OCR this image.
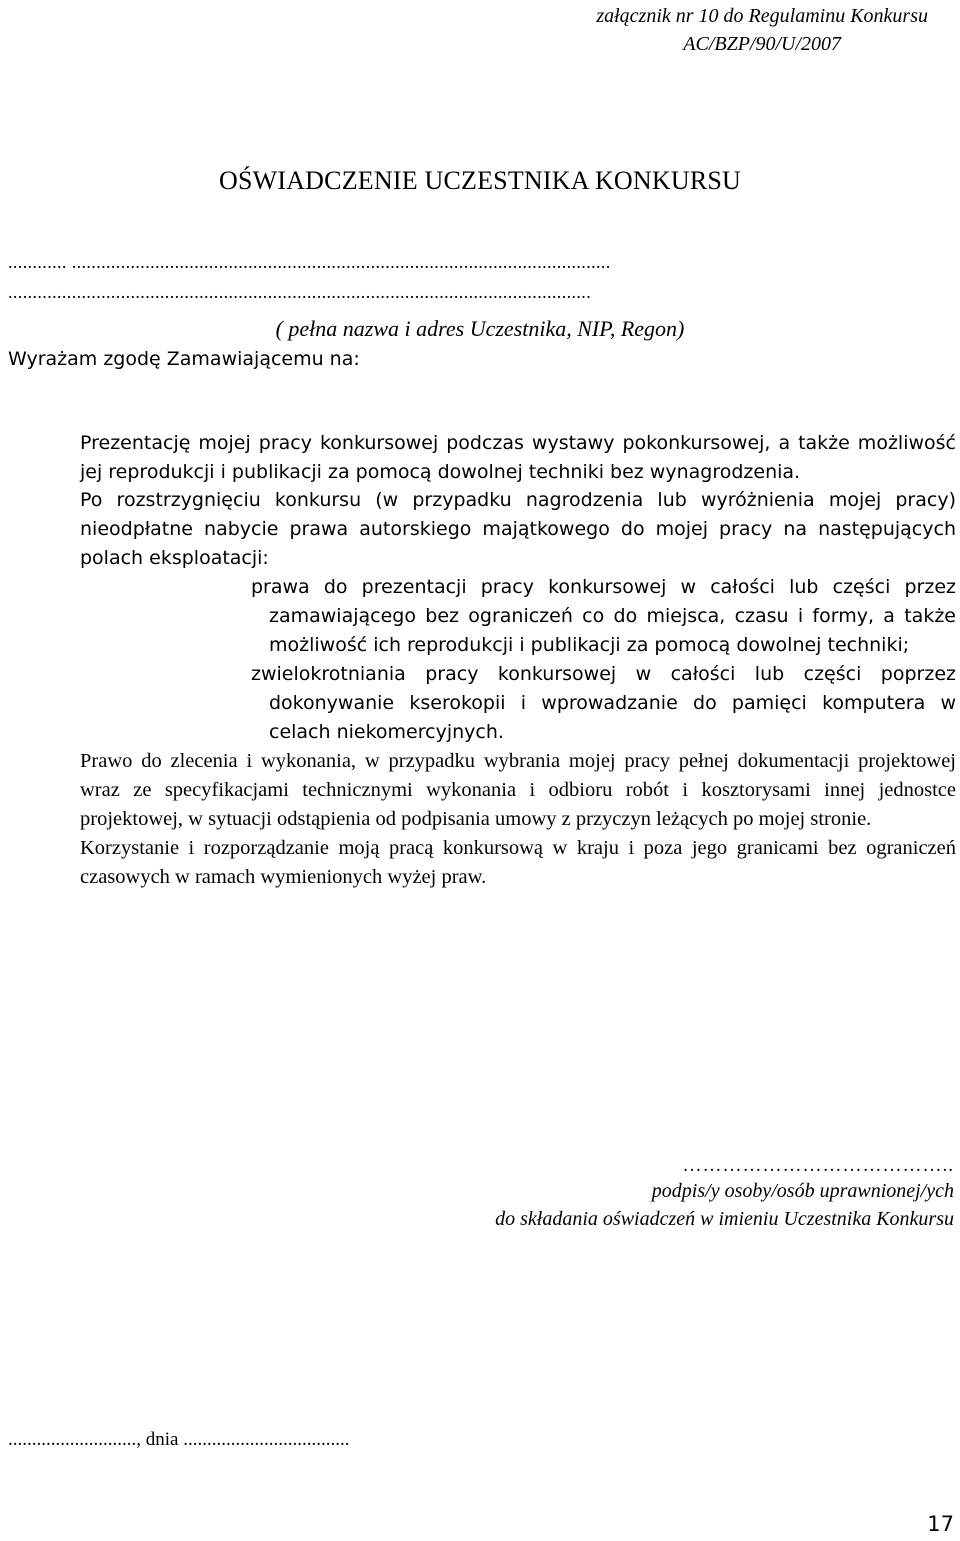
załącznik nr 10 do Regulaminu Konkursu
AC/BZP/90/U/2007
OŚWIADCZENIE UCZESTNIKA KONKURSU
............ ..............................................................................................................
.......................................................................................................................
( pełna nazwa i adres Uczestnika, NIP, Regon)
Wyrażam zgodę Zamawiającemu na:
Prezentację mojej pracy konkursowej podczas wystawy pokonkursowej, a także możliwość jej reprodukcji i publikacji za pomocą dowolnej techniki bez wynagrodzenia.
Po rozstrzygnięciu konkursu (w przypadku nagrodzenia lub wyróżnienia mojej pracy) nieodpłatne nabycie prawa autorskiego majątkowego do mojej pracy na następujących polach eksploatacji:
prawa do prezentacji pracy konkursowej w całości lub części przez zamawiającego bez ograniczeń co do miejsca, czasu i formy, a także możliwość ich reprodukcji i publikacji za pomocą dowolnej techniki;
zwielokrotniania pracy konkursowej w całości lub części poprzez dokonywanie kserokopii i wprowadzanie do pamięci komputera w celach niekomercyjnych.
Prawo do zlecenia i wykonania, w przypadku wybrania mojej pracy pełnej dokumentacji projektowej wraz ze specyfikacjami technicznymi wykonania i odbioru robót i kosztorysami innej jednostce projektowej, w sytuacji odstąpienia od podpisania umowy z przyczyn leżących po mojej stronie.
Korzystanie i rozporządzanie moją pracą konkursową w kraju i poza jego granicami bez ograniczeń czasowych w ramach wymienionych wyżej praw.
…………………………………..
podpis/y osoby/osób uprawnionej/ych
do składania oświadczeń w imieniu Uczestnika Konkursu
..........................., dnia ...................................
17
